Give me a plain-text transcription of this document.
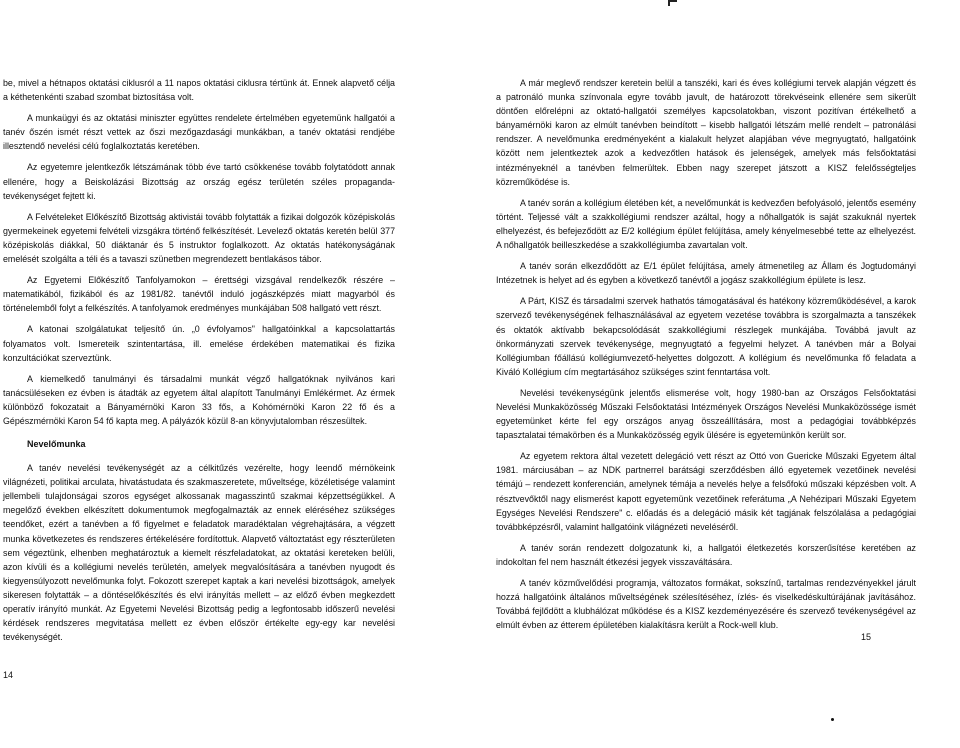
be, mivel a hétnapos oktatási ciklusról a 11 napos oktatási ciklusra tértünk át. Ennek alapvető célja a kéthetenkénti szabad szombat biztosítása volt.

A munkaügyi és az oktatási miniszter együttes rendelete értelmében egyetemünk hallgatói a tanév őszén ismét részt vettek az őszi mezőgazdasági munkákban, a tanév oktatási rendjébe illesztendő nevelési célú foglalkoztatás keretében.

Az egyetemre jelentkezők létszámának több éve tartó csökkenése tovább folytatódott annak ellenére, hogy a Beiskolázási Bizottság az ország egész területén széles propaganda-tevékenységet fejtett ki.

A Felvételeket Előkészítő Bizottság aktivistái tovább folytatták a fizikai dolgozók középiskolás gyermekeinek egyetemi felvételi vizsgákra történő felkészítését. Levelező oktatás keretén belül 377 középiskolás diákkal, 50 diáktanár és 5 instruktor foglalkozott. Az oktatás hatékonyságának emelését szolgálta a téli és a tavaszi szünetben megrendezett bentlakásos tábor.

Az Egyetemi Előkészítő Tanfolyamokon – érettségi vizsgával rendelkezők részére – matematikából, fizikából és az 1981/82. tanévtől induló jogászképzés miatt magyarból és történelemből folyt a felkészítés. A tanfolyamok eredményes munkájában 508 hallgató vett részt.

A katonai szolgálatukat teljesítő ún. „0 évfolyamos" hallgatóinkkal a kapcsolattartás folyamatos volt. Ismereteik szintentartása, ill. emelése érdekében matematikai és fizika konzultációkat szerveztünk.

A kiemelkedő tanulmányi és társadalmi munkát végző hallgatóknak nyilvános kari tanácsüléseken ez évben is átadták az egyetem által alapított Tanulmányi Emlékérmet. Az érmek különböző fokozatait a Bányamérnöki Karon 33 fős, a Kohómérnöki Karon 22 fő és a Gépészmérnöki Karon 54 fő kapta meg. A pályázók közül 8-an könyvjutalomban részesültek.

Nevelőmunka

A tanév nevelési tevékenységét az a célkitűzés vezérelte, hogy leendő mérnökeink világnézeti, politikai arculata, hivatástudata és szakmaszeretete, műveltsége, közéletisége valamint jellembeli tulajdonságai szoros egységet alkossanak magasszintű szakmai képzettségükkel. A megelőző években elkészített dokumentumok megfogalmazták az ennek eléréséhez szükséges teendőket, ezért a tanévben a fő figyelmet e feladatok maradéktalan végrehajtására, a végzett munka következetes és rendszeres értékelésére fordítottuk. Alapvető változtatást egy részterületen sem végeztünk, elhenben meghatároztuk a kiemelt részfeladatokat, az oktatási kereteken belüli, azon kívüli és a kollégiumi nevelés területén, amelyek megvalósítására a tanévben nyugodt és kiegyensúlyozott nevelőmunka folyt. Fokozott szerepet kaptak a kari nevelési bizottságok, amelyek sikeresen folytatták – a döntéselőkészítés és elvi irányítás mellett – az előző évben megkezdett operatív irányító munkát. Az Egyetemi Nevelési Bizottság pedig a legfontosabb időszerű nevelési kérdések rendszeres megvitatása mellett ez évben először értékelte egy-egy kar nevelési tevékenységét.

14

A már meglevő rendszer keretein belül a tanszéki, kari és éves kollégiumi tervek alapján végzett és a patronáló munka színvonala egyre tovább javult, de határozott törekvéseink ellenére sem sikerült döntően előrelépni az oktató-hallgatói személyes kapcsolatokban, viszont pozitívan értékelhető a bányamérnöki karon az elmúlt tanévben beindított – kisebb hallgatói létszám mellé rendelt – patronálási rendszer. A nevelőmunka eredményeként a kialakult helyzet alapjában véve megnyugtató, hallgatóink között nem jelentkeztek azok a kedvezőtlen hatások és jelenségek, amelyek más felsőoktatási intézményeknél a tanévben felmerültek. Ebben nagy szerepet játszott a KISZ felelősségteljes közreműködése is.

A tanév során a kollégium életében két, a nevelőmunkát is kedvezően befolyásoló, jelentős esemény történt. Teljessé vált a szakkollégiumi rendszer azáltal, hogy a nőhallgatók is saját szakuknál nyertek elhelyezést, és befejeződött az E/2 kollégium épület felújítása, amely kényelmesebbé tette az elhelyezést. A nőhallgatók beilleszkedése a szakkollégiumba zavartalan volt.

A tanév során elkezdődött az E/1 épület felújítása, amely átmenetileg az Állam és Jogtudományi Intézetnek is helyet ad és egyben a következő tanévtől a jogász szakkollégium épülete is lesz.

A Párt, KISZ és társadalmi szervek hathatós támogatásával és hatékony közreműködésével, a karok szervező tevékenységének felhasználásával az egyetem vezetése továbbra is szorgalmazta a tanszékek és oktatók aktívabb bekapcsolódását szakkollégiumi részlegek munkájába. Továbbá javult az önkormányzati szervek tevékenysége, megnyugtató a fegyelmi helyzet. A tanévben már a Bolyai Kollégiumban főállású kollégiumvezető-helyettes dolgozott. A kollégium és nevelőmunka fő feladata a Kiváló Kollégium cím megtartásához szükséges szint fenntartása volt.

Nevelési tevékenységünk jelentős elismerése volt, hogy 1980-ban az Országos Felsőoktatási Nevelési Munkaközösség Műszaki Felsőoktatási Intézmények Országos Nevelési Munkaközössége ismét egyetemünket kérte fel egy országos anyag összeállítására, most a pedagógiai továbbképzés tapasztalatai témakörben és a Munkaközösség egyik ülésére is egyetemünkön került sor.

Az egyetem rektora által vezetett delegáció vett részt az Ottó von Guericke Műszaki Egyetem által 1981. márciusában – az NDK partnerrel barátsági szerződésben álló egyetemek vezetőinek nevelési témájú – rendezett konferencián, amelynek témája a nevelés helye a felsőfokú műszaki képzésben volt. A résztvevőktől nagy elismerést kapott egyetemünk vezetőinek referátuma „A Nehézipari Műszaki Egyetem Egységes Nevelési Rendszere" c. előadás és a delegáció másik két tagjának felszólalása a pedagógiai továbbképzésről, valamint hallgatóink világnézeti neveléséről.

A tanév során rendezett dolgozatunk ki, a hallgatói életkezetés korszerűsítése keretében az indokoltan fel nem használt étkezési jegyek visszaváltására.

A tanév közművelődési programja, változatos formákat, sokszínű, tartalmas rendezvényekkel járult hozzá hallgatóink általános műveltségének szélesítéséhez, ízlés- és viselkedéskultúrájának javításához. Továbbá fejlődött a klubhálózat működése és a KISZ kezdeményezésére és szervező tevékenységével az elmúlt évben az étterem épületében kialakításra került a Rock-well klub.

15
